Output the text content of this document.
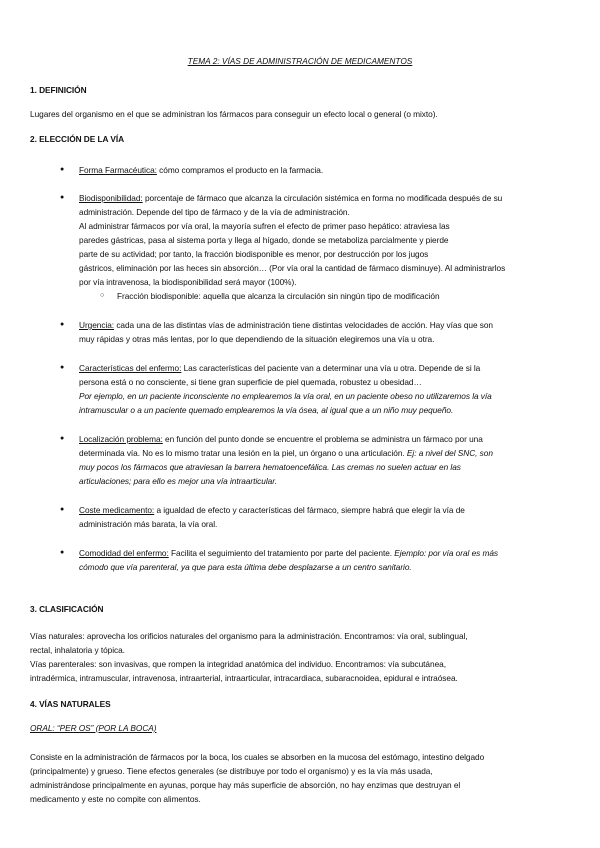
TEMA 2: VÍAS DE ADMINISTRACIÓN DE MEDICAMENTOS
1. DEFINICIÓN
Lugares del organismo en el que se administran los fármacos para conseguir un efecto local o general (o mixto).
2. ELECCIÓN DE LA VÍA
● Forma Farmacéutica: cómo compramos el producto en la farmacia.
● Biodisponibilidad: porcentaje de fármaco que alcanza la circulación sistémica en forma no modificada después de su
administración. Depende del tipo de fármaco y de la vía de administración.
Al administrar fármacos por vía oral, la mayoría sufren el efecto de primer paso hepático: atraviesa las
paredes gástricas, pasa al sistema porta y llega al hígado, donde se metaboliza parcialmente y pierde
parte de su actividad; por tanto, la fracción biodisponible es menor, por destrucción por los jugos
gástricos, eliminación por las heces sin absorción… (Por vía oral la cantidad de fármaco disminuye). Al administrarlos
por vía intravenosa, la biodisponibilidad será mayor (100%).
○ Fracción biodisponible: aquella que alcanza la circulación sin ningún tipo de modificación
● Urgencia: cada una de las distintas vías de administración tiene distintas velocidades de acción. Hay vías que son
muy rápidas y otras más lentas, por lo que dependiendo de la situación elegiremos una vía u otra.
● Características del enfermo: Las características del paciente van a determinar una vía u otra. Depende de si la
persona está o no consciente, si tiene gran superficie de piel quemada, robustez u obesidad…
Por ejemplo, en un paciente inconsciente no emplearemos la vía oral, en un paciente obeso no utilizaremos la vía
intramuscular o a un paciente quemado emplearemos la vía ósea, al igual que a un niño muy pequeño.
● Localización problema: en función del punto donde se encuentre el problema se administra un fármaco por una
determinada vía. No es lo mismo tratar una lesión en la piel, un órgano o una articulación. Ej: a nivel del SNC, son
muy pocos los fármacos que atraviesan la barrera hematoencefálica. Las cremas no suelen actuar en las
articulaciones; para ello es mejor una vía intraarticular.
● Coste medicamento: a igualdad de efecto y características del fármaco, siempre habrá que elegir la vía de
administración más barata, la vía oral.
● Comodidad del enfermo: Facilita el seguimiento del tratamiento por parte del paciente. Ejemplo: por vía oral es más
cómodo que vía parenteral, ya que para esta última debe desplazarse a un centro sanitario.
3. CLASIFICACIÓN
Vías naturales: aprovecha los orificios naturales del organismo para la administración. Encontramos: vía oral, sublingual,
rectal, inhalatoria y tópica.
Vías parenterales: son invasivas, que rompen la integridad anatómica del individuo. Encontramos: vía subcutánea,
intradérmica, intramuscular, intravenosa, intraarterial, intraarticular, intracardiaca, subaracnoidea, epidural e intraósea.
4. VÍAS NATURALES
ORAL: “PER OS” (POR LA BOCA)
Consiste en la administración de fármacos por la boca, los cuales se absorben en la mucosa del estómago, intestino delgado
(principalmente) y grueso. Tiene efectos generales (se distribuye por todo el organismo) y es la vía más usada,
administrándose principalmente en ayunas, porque hay más superficie de absorción, no hay enzimas que destruyan el
medicamento y este no compite con alimentos.
